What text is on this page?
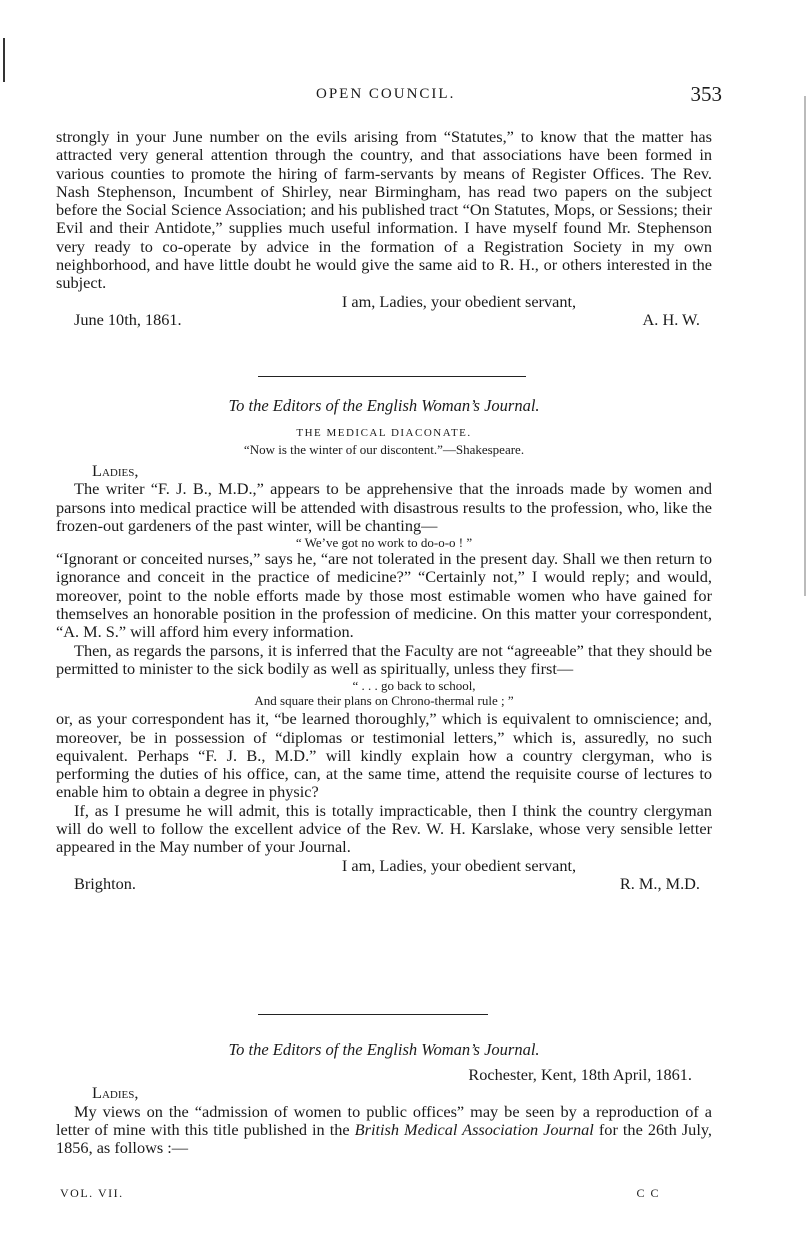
OPEN COUNCIL.	353

strongly in your June number on the evils arising from “Statutes,” to know that the matter has attracted very general attention through the country, and that associations have been formed in various counties to promote the hiring of farm-servants by means of Register Offices. The Rev. Nash Stephenson, Incumbent of Shirley, near Birmingham, has read two papers on the subject before the Social Science Association; and his published tract “On Statutes, Mops, or Sessions; their Evil and their Antidote,” supplies much useful information. I have myself found Mr. Stephenson very ready to co-operate by advice in the formation of a Registration Society in my own neighborhood, and have little doubt he would give the same aid to R. H., or others interested in the subject.

I am, Ladies, your obedient servant,
June 10th, 1861.	A. H. W.
To the Editors of the English Woman’s Journal.
THE MEDICAL DIACONATE.
“Now is the winter of our discontent.”—Shakespeare.
Ladies,

The writer “F. J. B., M.D.,” appears to be apprehensive that the inroads made by women and parsons into medical practice will be attended with disastrous results to the profession, who, like the frozen-out gardeners of the past winter, will be chanting—

“ We’ve got no work to do-o-o ! ”

“Ignorant or conceited nurses,” says he, “are not tolerated in the present day. Shall we then return to ignorance and conceit in the practice of medicine?” “Certainly not,” I would reply; and would, moreover, point to the noble efforts made by those most estimable women who have gained for themselves an honorable position in the profession of medicine. On this matter your correspondent, “A. M. S.” will afford him every information.

Then, as regards the parsons, it is inferred that the Faculty are not “agreeable” that they should be permitted to minister to the sick bodily as well as spiritually, unless they first—

“ . . . go back to school,
And square their plans on Chrono-thermal rule ; ”

or, as your correspondent has it, “be learned thoroughly,” which is equivalent to omniscience; and, moreover, be in possession of “diplomas or testimonial letters,” which is, assuredly, no such equivalent. Perhaps “F. J. B., M.D.” will kindly explain how a country clergyman, who is performing the duties of his office, can, at the same time, attend the requisite course of lectures to enable him to obtain a degree in physic?

If, as I presume he will admit, this is totally impracticable, then I think the country clergyman will do well to follow the excellent advice of the Rev. W. H. Karslake, whose very sensible letter appeared in the May number of your Journal.

I am, Ladies, your obedient servant,
Brighton.	R. M., M.D.
To the Editors of the English Woman’s Journal.
Rochester, Kent, 18th April, 1861.
Ladies,

My views on the “admission of women to public offices” may be seen by a reproduction of a letter of mine with this title published in the British Medical Association Journal for the 26th July, 1856, as follows :—

VOL. VII.	C C
